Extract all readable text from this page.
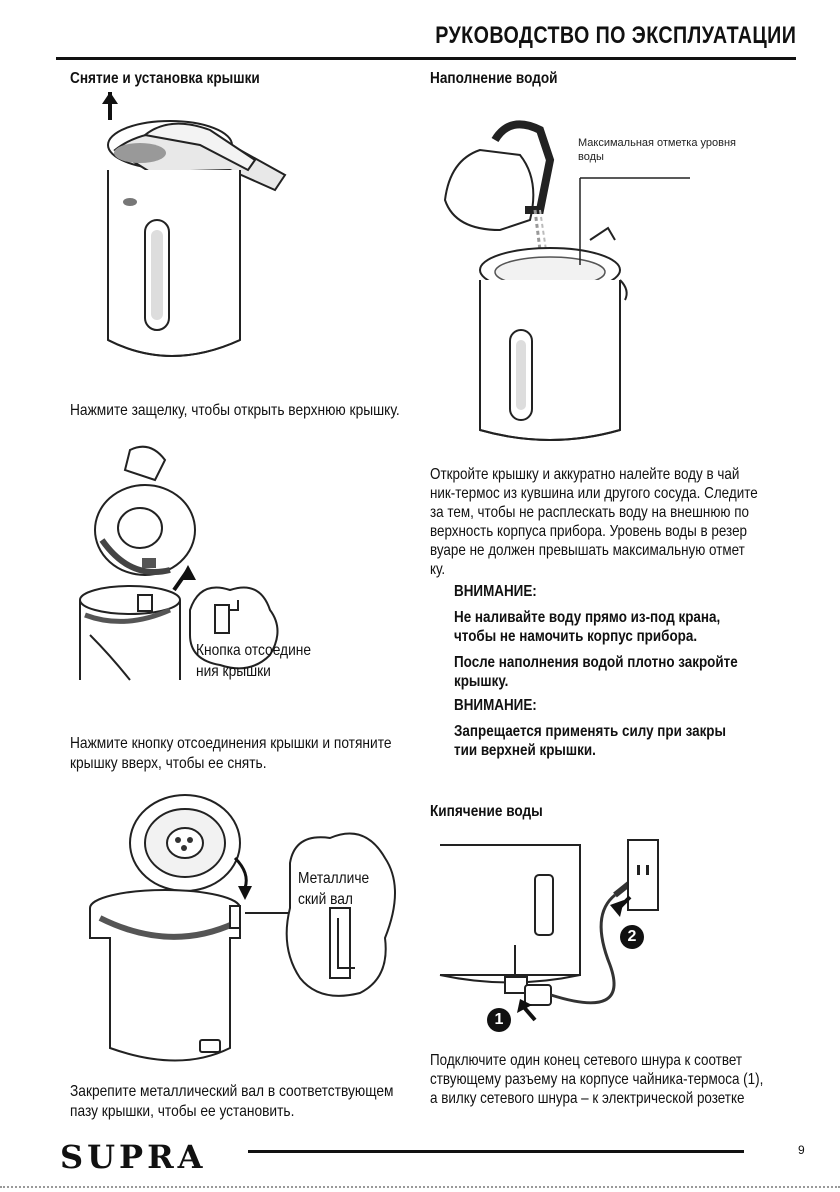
РУКОВОДСТВО ПО ЭКСПЛУАТАЦИИ
Снятие и установка крышки
Нажмите защелку, чтобы открыть верхнюю крышку.
Кнопка отсоедине
ния крышки
Нажмите кнопку отсоединения крышки и потяните
крышку вверх, чтобы ее снять.
Металличе
ский вал
Закрепите металлический вал в соответствующем
пазу крышки, чтобы ее установить.
Наполнение водой
Максимальная отметка уровня
воды
Откройте крышку и аккуратно налейте воду в чай
ник-термос из кувшина или другого сосуда. Следите
за тем, чтобы не расплескать воду на внешнюю по
верхность корпуса прибора. Уровень воды в резер
вуаре не должен превышать максимальную отмет
ку.
ВНИМАНИЕ:
Не наливайте воду прямо из-под крана,
чтобы не намочить корпус прибора.
После наполнения водой плотно закройте
крышку.
ВНИМАНИЕ:
Запрещается применять силу при закры
тии верхней крышки.
Кипячение воды
1
2
Подключите один конец сетевого шнура к соответ
ствующему разъему на корпусе чайника-термоса (1),
а вилку сетевого шнура – к электрической розетке
SUPRA	9
